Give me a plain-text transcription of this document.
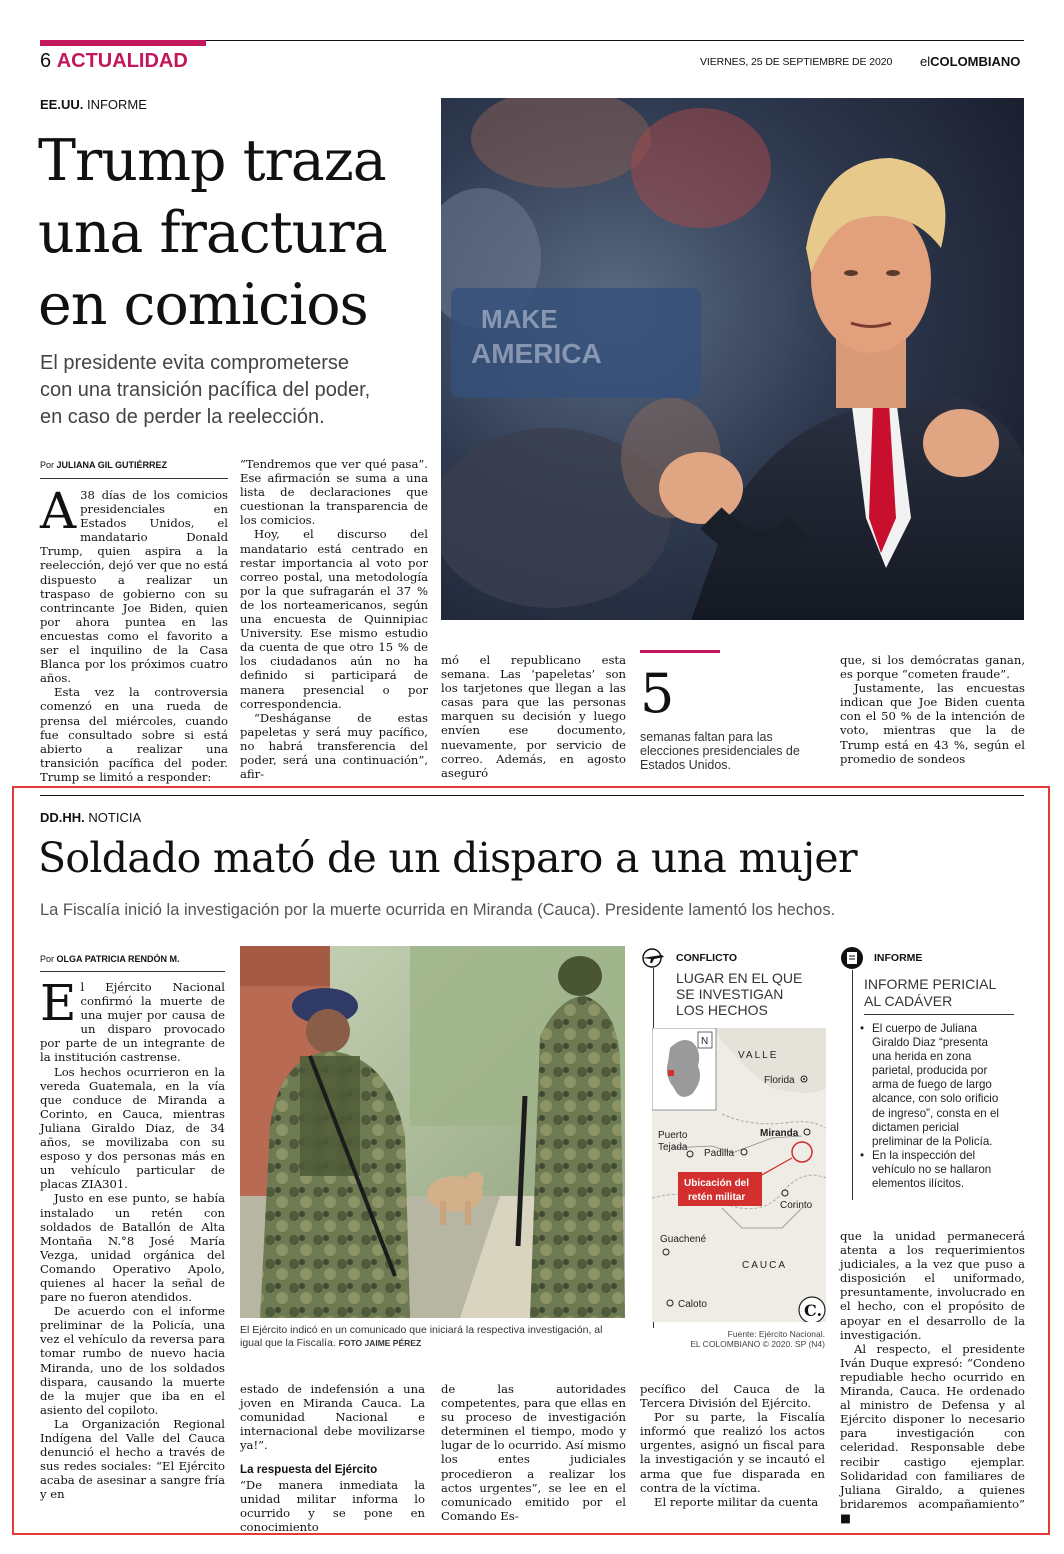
6 ACTUALIDAD	VIERNES, 25 DE SEPTIEMBRE DE 2020 elCOLOMBIANO
EE.UU. INFORME
Trump traza
una fractura
en comicios
El presidente evita comprometerse
con una transición pacífica del poder,
en caso de perder la reelección.
MAKE
AMERICA
Por JULIANA GIL GUTIÉRREZ

A 38 días de los comicios presidenciales en Estados Unidos, el mandatario Donald Trump, quien aspira a la reelección, dejó ver que no está dispuesto a realizar un traspaso de gobierno con su contrincante Joe Biden, quien por ahora puntea en las encuestas como el favorito a ser el inquilino de la Casa Blanca por los próximos cuatro años.

Esta vez la controversia comenzó en una rueda de prensa del miércoles, cuando fue consultado sobre si está abierto a realizar una transición pacífica del poder. Trump se limitó a responder:

“Tendremos que ver qué pasa”. Ese afirmación se suma a una lista de declaraciones que cuestionan la transparencia de los comicios.

Hoy, el discurso del mandatario está centrado en restar importancia al voto por correo postal, una metodología por la que sufragarán el 37 % de los norteamericanos, según una encuesta de Quinnipiac University. Ese mismo estudio da cuenta de que otro 15 % de los ciudadanos aún no ha definido si participará de manera presencial o por correspondencia.

“Desháganse de estas papeletas y será muy pacífico, no habrá transferencia del poder, será una continuación”, afir-

mó el republicano esta semana. Las ‘papeletas’ son los tarjetones que llegan a las casas para que las personas marquen su decisión y luego envíen ese documento, nuevamente, por servicio de correo. Además, en agosto aseguró

5
semanas faltan para las elecciones presidenciales de Estados Unidos.

que, si los demócratas ganan, es porque “cometen fraude”.

Justamente, las encuestas indican que Joe Biden cuenta con el 50 % de la intención de voto, mientras que la de Trump está en 43 %, según el promedio de sondeos

DD.HH. NOTICIA
Soldado mató de un disparo a una mujer
La Fiscalía inició la investigación por la muerte ocurrida en Miranda (Cauca). Presidente lamentó los hechos.
Por OLGA PATRICIA RENDÓN M.

El Ejército Nacional confirmó la muerte de una mujer por causa de un disparo provocado por parte de un integrante de la institución castrense.

Los hechos ocurrieron en la vereda Guatemala, en la vía que conduce de Miranda a Corinto, en Cauca, mientras Juliana Giraldo Diaz, de 34 años, se movilizaba con su esposo y dos personas más en un vehículo particular de placas ZIA301.

Justo en ese punto, se había instalado un retén con soldados de Batallón de Alta Montaña N.°8 José María Vezga, unidad orgánica del Comando Operativo Apolo, quienes al hacer la señal de pare no fueron atendidos.

De acuerdo con el informe preliminar de la Policía, una vez el vehículo da reversa para tomar rumbo de nuevo hacia Miranda, uno de los soldados dispara, causando la muerte de la mujer que iba en el asiento del copiloto.

La Organización Regional Indígena del Valle del Cauca denunció el hecho a través de sus redes sociales: “El Ejército acaba de asesinar a sangre fría y en

El Ejército indicó en un comunicado que iniciará la respectiva investigación, al igual que la Fiscalía. FOTO JAIME PÉREZ

estado de indefensión a una joven en Miranda Cauca. La comunidad Nacional e internacional debe movilizarse ya!”.

La respuesta del Ejército

“De manera inmediata la unidad militar informa lo ocurrido y se pone en conocimiento

de las autoridades competentes, para que ellas en su proceso de investigación determinen el tiempo, modo y lugar de lo ocurrido. Así mismo los entes judiciales procedieron a realizar los actos urgentes”, se lee en el comunicado emitido por el Comando Es-

pecífico del Cauca de la Tercera División del Ejército.

Por su parte, la Fiscalía informó que realizó los actos urgentes, asignó un fiscal para la investigación y se incautó el arma que fue disparada en contra de la víctima.

El reporte militar da cuenta

CONFLICTO
LUGAR EN EL QUE
SE INVESTIGAN
LOS HECHOS
N
VALLE
CAUCA
Florida
Puerto
Tejada
Padilla
Miranda
Ubicación del
retén militar
Corinto
Guachené
Caloto	C.
Fuente: Ejército Nacional.
EL COLOMBIANO © 2020. SP (N4)
INFORME
INFORME PERICIAL
AL CADÁVER
• El cuerpo de Juliana Giraldo Diaz “presenta una herida en zona parietal, producida por arma de fuego de largo alcance, con solo orificio de ingreso”, consta en el dictamen pericial preliminar de la Policía.
• En la inspección del vehículo no se hallaron elementos ilícitos.

que la unidad permanecerá atenta a los requerimientos judiciales, a la vez que puso a disposición el uniformado, presuntamente, involucrado en el hecho, con el propósito de apoyar en el desarrollo de la investigación.

Al respecto, el presidente Iván Duque expresó: “Condeno repudiable hecho ocurrido en Miranda, Cauca. He ordenado al ministro de Defensa y al Ejército disponer lo necesario para investigación con celeridad. Responsable debe recibir castigo ejemplar. Solidaridad con familiares de Juliana Giraldo, a quienes bridaremos acompañamiento” ■
